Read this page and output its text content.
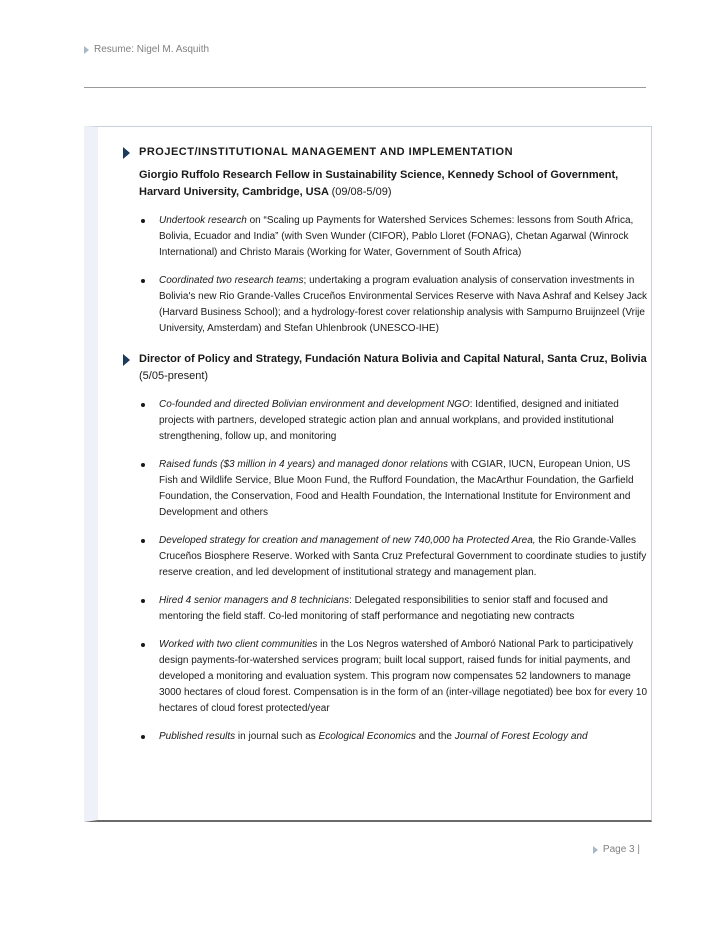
Resume: Nigel M. Asquith
PROJECT/INSTITUTIONAL MANAGEMENT AND IMPLEMENTATION
Giorgio Ruffolo Research Fellow in Sustainability Science, Kennedy School of Government, Harvard University, Cambridge, USA (09/08-5/09)
Undertook research on “Scaling up Payments for Watershed Services Schemes: lessons from South Africa, Bolivia, Ecuador and India” (with Sven Wunder (CIFOR), Pablo Lloret (FONAG), Chetan Agarwal (Winrock International) and Christo Marais (Working for Water, Government of South Africa)
Coordinated two research teams; undertaking a program evaluation analysis of conservation investments in Bolivia's new Rio Grande-Valles Cruceños Environmental Services Reserve with Nava Ashraf and Kelsey Jack (Harvard Business School); and a hydrology-forest cover relationship analysis with Sampurno Bruijnzeel (Vrije University, Amsterdam) and Stefan Uhlenbrook (UNESCO-IHE)
Director of Policy and Strategy, Fundación Natura Bolivia and Capital Natural, Santa Cruz, Bolivia (5/05-present)
Co-founded and directed Bolivian environment and development NGO: Identified, designed and initiated projects with partners, developed strategic action plan and annual workplans, and provided institutional strengthening, follow up, and monitoring
Raised funds ($3 million in 4 years) and managed donor relations with CGIAR, IUCN, European Union, US Fish and Wildlife Service, Blue Moon Fund, the Rufford Foundation, the MacArthur Foundation, the Garfield Foundation, the Conservation, Food and Health Foundation, the International Institute for Environment and Development and others
Developed strategy for creation and management of new 740,000 ha Protected Area, the Rio Grande-Valles Cruceños Biosphere Reserve. Worked with Santa Cruz Prefectural Government to coordinate studies to justify reserve creation, and led development of institutional strategy and management plan.
Hired 4 senior managers and 8 technicians: Delegated responsibilities to senior staff and focused and mentoring the field staff. Co-led monitoring of staff performance and negotiating new contracts
Worked with two client communities in the Los Negros watershed of Amboró National Park to participatively design payments-for-watershed services program; built local support, raised funds for initial payments, and developed a monitoring and evaluation system. This program now compensates 52 landowners to manage 3000 hectares of cloud forest. Compensation is in the form of an (inter-village negotiated) bee box for every 10 hectares of cloud forest protected/year
Published results in journal such as Ecological Economics and the Journal of Forest Ecology and
Page 3 |
